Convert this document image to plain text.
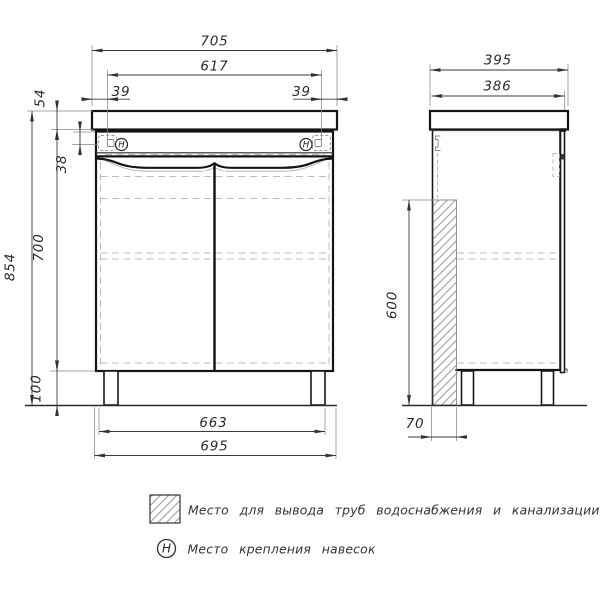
H	H
705
617
39	39
54
38
854
700
100
663
695
395
386
600
70
Место для вывода труб водоснабжения и канализации
H Место крепления навесок
